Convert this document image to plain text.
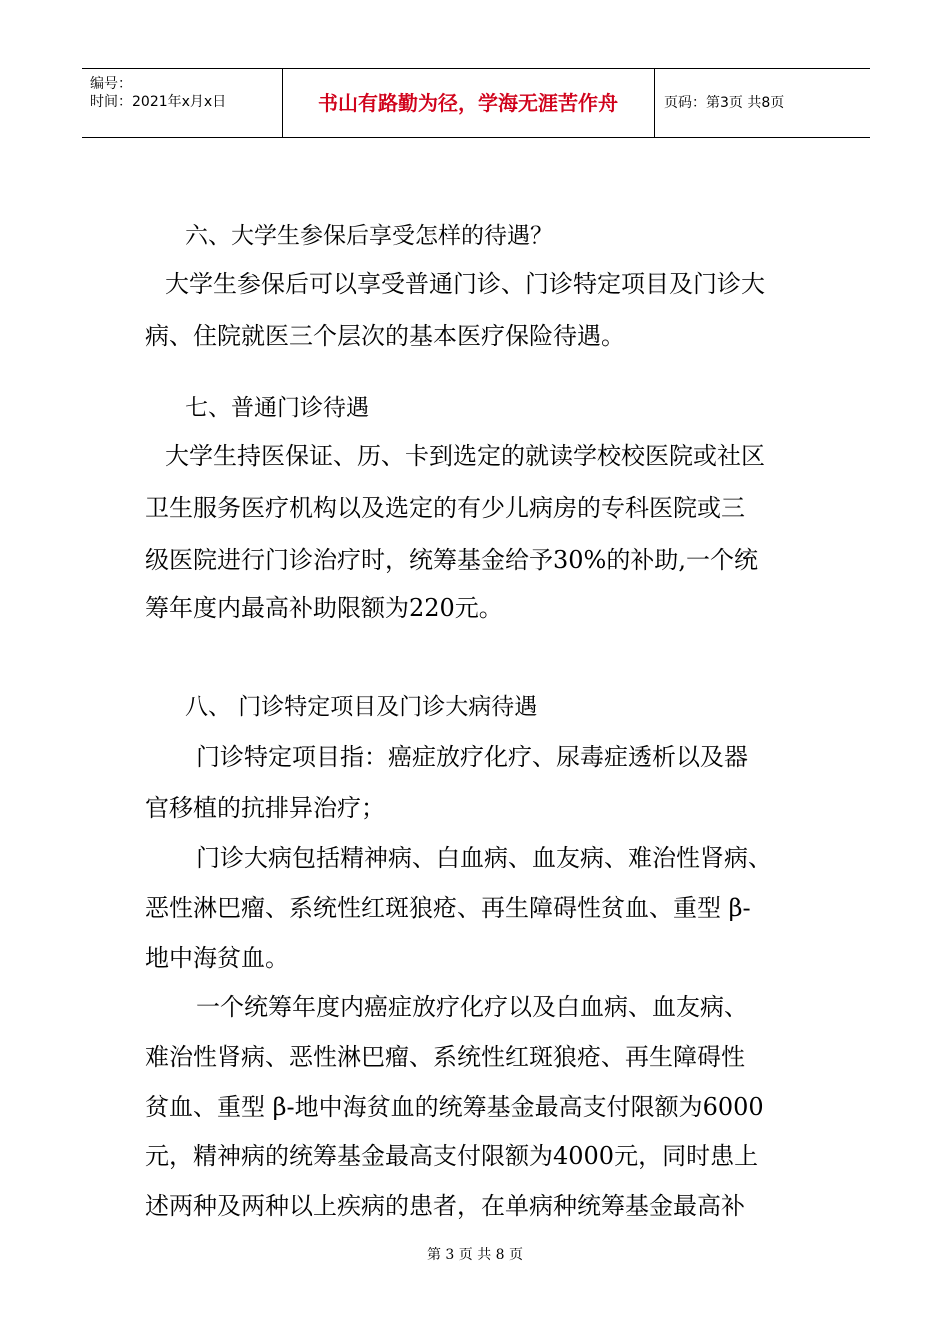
编号：
时间：2021年x月x日	书山有路勤为径，学海无涯苦作舟	页码：第3页 共8页
六、大学生参保后享受怎样的待遇？
大学生参保后可以享受普通门诊、门诊特定项目及门诊大
病、住院就医三个层次的基本医疗保险待遇。
七、普通门诊待遇
大学生持医保证、历、卡到选定的就读学校校医院或社区
卫生服务医疗机构以及选定的有少儿病房的专科医院或三
级医院进行门诊治疗时，统筹基金给予30%的补助,一个统
筹年度内最高补助限额为220元。
八、 门诊特定项目及门诊大病待遇
门诊特定项目指：癌症放疗化疗、尿毒症透析以及器
官移植的抗排异治疗；
门诊大病包括精神病、白血病、血友病、难治性肾病、
恶性淋巴瘤、系统性红斑狼疮、再生障碍性贫血、重型 β-
地中海贫血。
一个统筹年度内癌症放疗化疗以及白血病、血友病、
难治性肾病、恶性淋巴瘤、系统性红斑狼疮、再生障碍性
贫血、重型 β-地中海贫血的统筹基金最高支付限额为6000
元，精神病的统筹基金最高支付限额为4000元，同时患上
述两种及两种以上疾病的患者，在单病种统筹基金最高补
第 3 页 共 8 页
